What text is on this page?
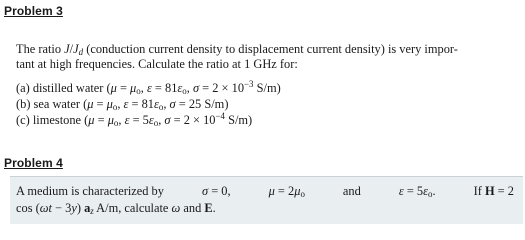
Problem 3
The ratio $J/J_d$ (conduction current density to displacement current density) is very impor-
tant at high frequencies. Calculate the ratio at 1 GHz for:
(a) distilled water ($\mu = \mu_o$, $\varepsilon = 81\varepsilon_o$, $\sigma = 2 \times 10^{-3}$ S/m)
(b) sea water ($\mu = \mu_o$, $\varepsilon = 81\varepsilon_o$, σ = 25 S/m)
(c) limestone ($\mu = \mu_o$, $\varepsilon = 5\varepsilon_o$, $\sigma = 2 \times 10^{-4}$ S/m)
Problem 4
A medium is characterized by	σ = 0,	$\mu = 2\mu_o$	and	$\varepsilon = 5\varepsilon_o$.	If H = 2
cos (ωt − 3y) $a_z$ A/m, calculate ω and E.
